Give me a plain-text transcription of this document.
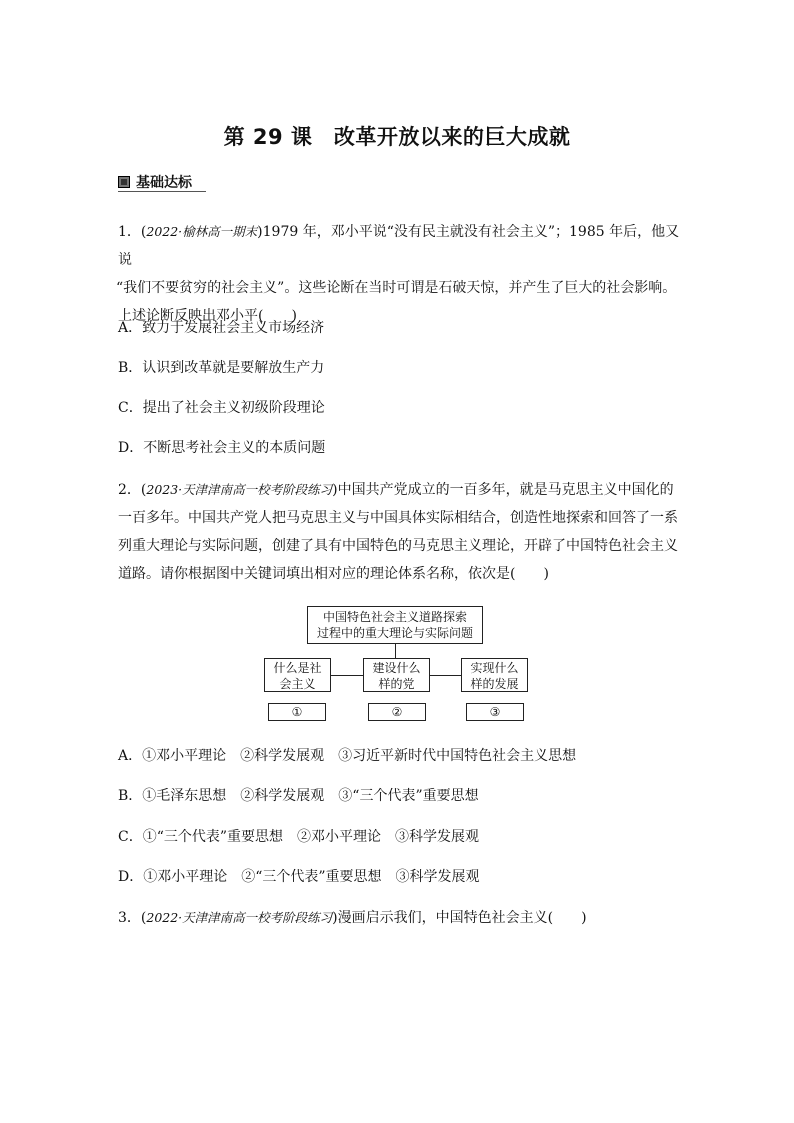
第 29 课　改革开放以来的巨大成就
基础达标
1．(2022·榆林高一期末)1979 年，邓小平说“没有民主就没有社会主义”；1985 年后，他又说
“我们不要贫穷的社会主义”。这些论断在当时可谓是石破天惊，并产生了巨大的社会影响。
上述论断反映出邓小平(　　)
A．致力于发展社会主义市场经济
B．认识到改革就是要解放生产力
C．提出了社会主义初级阶段理论
D．不断思考社会主义的本质问题
2．(2023·天津津南高一校考阶段练习)中国共产党成立的一百多年，就是马克思主义中国化的
一百多年。中国共产党人把马克思主义与中国具体实际相结合，创造性地探索和回答了一系
列重大理论与实际问题，创建了具有中国特色的马克思主义理论，开辟了中国特色社会主义
道路。请你根据图中关键词填出相对应的理论体系名称，依次是(　　)
中国特色社会主义道路探索
过程中的重大理论与实际问题
什么是社
会主义
建设什么
样的党
实现什么
样的发展
①	②	③
A．①邓小平理论　②科学发展观　③习近平新时代中国特色社会主义思想
B．①毛泽东思想　②科学发展观　③“三个代表”重要思想
C．①“三个代表”重要思想　②邓小平理论　③科学发展观
D．①邓小平理论　②“三个代表”重要思想　③科学发展观
3．(2022·天津津南高一校考阶段练习)漫画启示我们，中国特色社会主义(　　)
